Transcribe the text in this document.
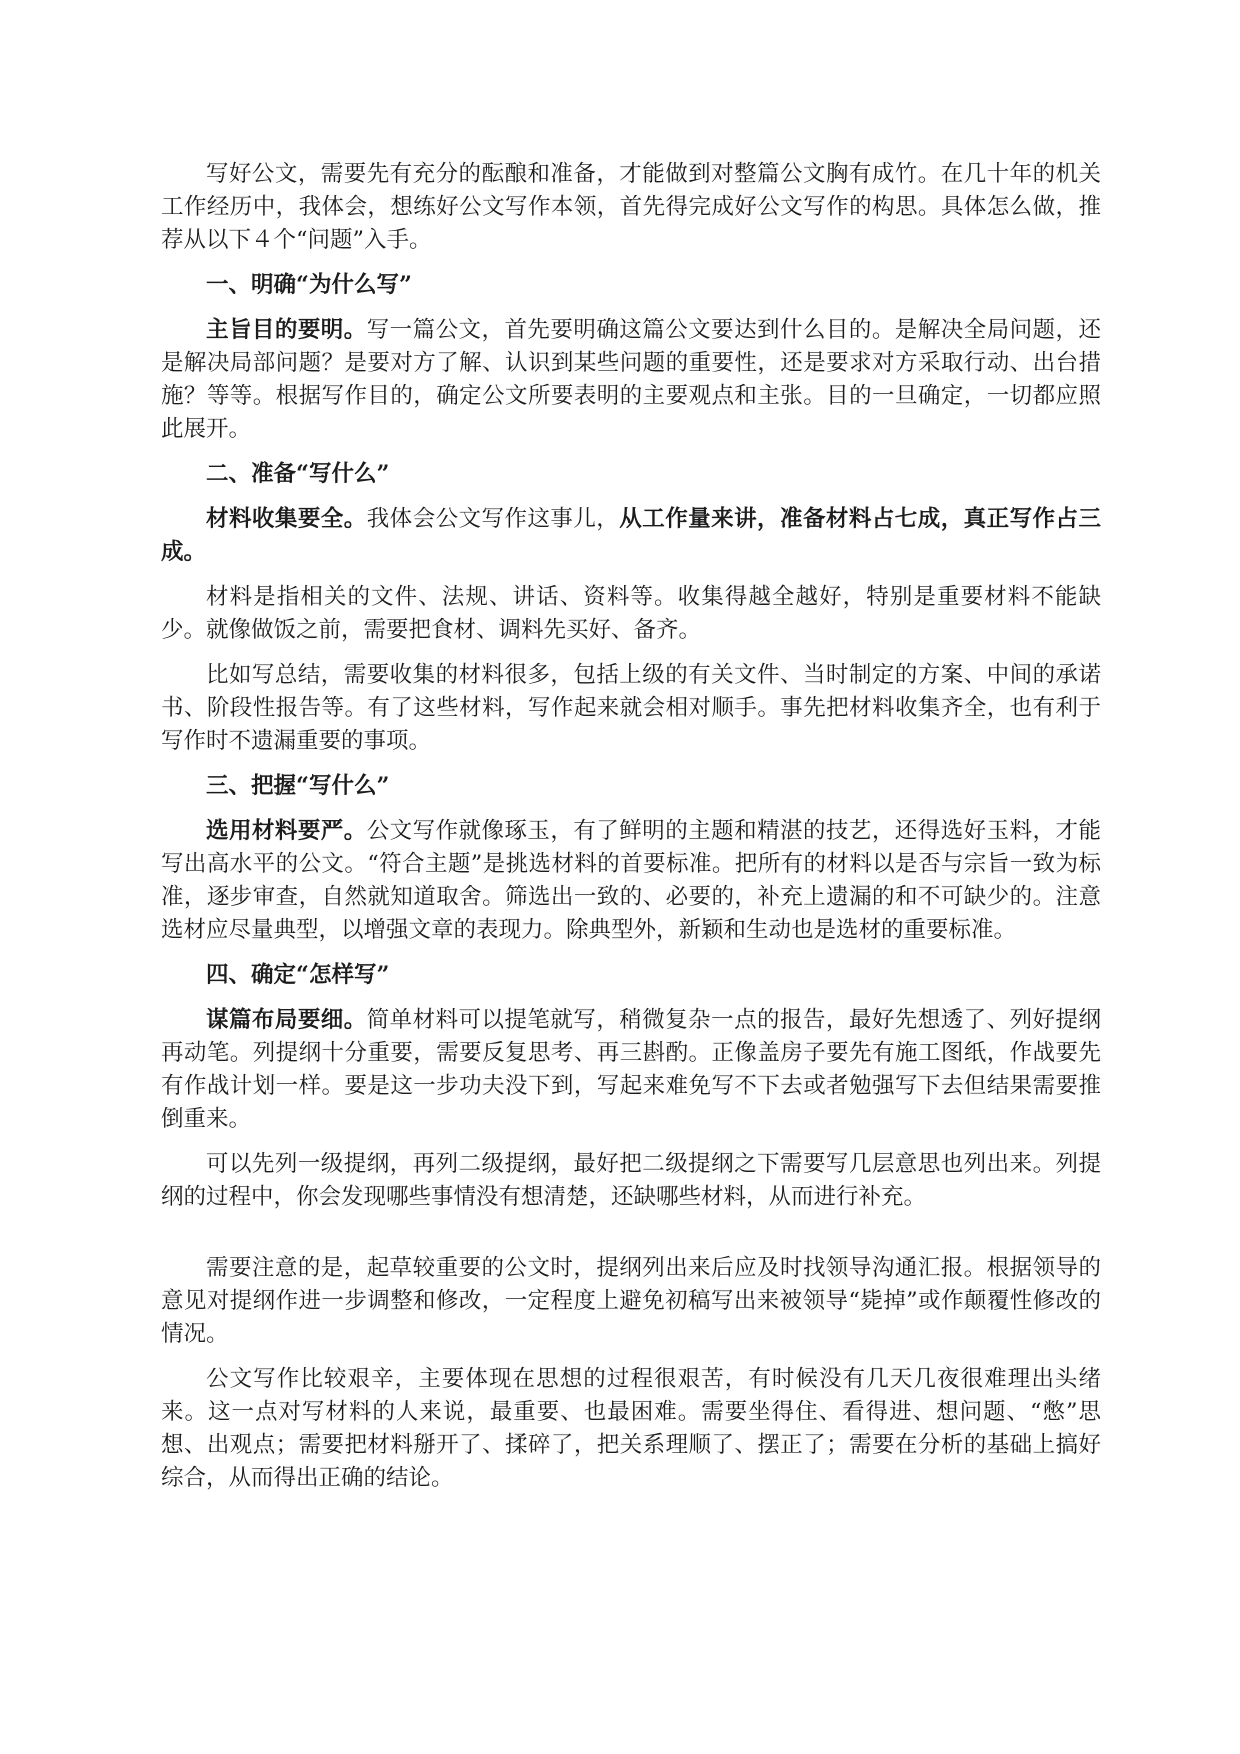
写好公文，需要先有充分的酝酿和准备，才能做到对整篇公文胸有成竹。在几十年的机关工作经历中，我体会，想练好公文写作本领，首先得完成好公文写作的构思。具体怎么做，推荐从以下４个“问题”入手。

一、明确“为什么写”

主旨目的要明。写一篇公文，首先要明确这篇公文要达到什么目的。是解决全局问题，还是解决局部问题？是要对方了解、认识到某些问题的重要性，还是要求对方采取行动、出台措施？等等。根据写作目的，确定公文所要表明的主要观点和主张。目的一旦确定，一切都应照此展开。

二、准备“写什么”

材料收集要全。我体会公文写作这事儿，从工作量来讲，准备材料占七成，真正写作占三成。

材料是指相关的文件、法规、讲话、资料等。收集得越全越好，特别是重要材料不能缺少。就像做饭之前，需要把食材、调料先买好、备齐。

比如写总结，需要收集的材料很多，包括上级的有关文件、当时制定的方案、中间的承诺书、阶段性报告等。有了这些材料，写作起来就会相对顺手。事先把材料收集齐全，也有利于写作时不遗漏重要的事项。

三、把握“写什么”

选用材料要严。公文写作就像琢玉，有了鲜明的主题和精湛的技艺，还得选好玉料，才能写出高水平的公文。“符合主题”是挑选材料的首要标准。把所有的材料以是否与宗旨一致为标准，逐步审查，自然就知道取舍。筛选出一致的、必要的，补充上遗漏的和不可缺少的。注意选材应尽量典型，以增强文章的表现力。除典型外，新颖和生动也是选材的重要标准。

四、确定“怎样写”

谋篇布局要细。简单材料可以提笔就写，稍微复杂一点的报告，最好先想透了、列好提纲再动笔。列提纲十分重要，需要反复思考、再三斟酌。正像盖房子要先有施工图纸，作战要先有作战计划一样。要是这一步功夫没下到，写起来难免写不下去或者勉强写下去但结果需要推倒重来。

可以先列一级提纲，再列二级提纲，最好把二级提纲之下需要写几层意思也列出来。列提纲的过程中，你会发现哪些事情没有想清楚，还缺哪些材料，从而进行补充。

需要注意的是，起草较重要的公文时，提纲列出来后应及时找领导沟通汇报。根据领导的意见对提纲作进一步调整和修改，一定程度上避免初稿写出来被领导“毙掉”或作颠覆性修改的情况。

公文写作比较艰辛，主要体现在思想的过程很艰苦，有时候没有几天几夜很难理出头绪来。这一点对写材料的人来说，最重要、也最困难。需要坐得住、看得进、想问题、“憋”思想、出观点；需要把材料掰开了、揉碎了，把关系理顺了、摆正了；需要在分析的基础上搞好综合，从而得出正确的结论。
